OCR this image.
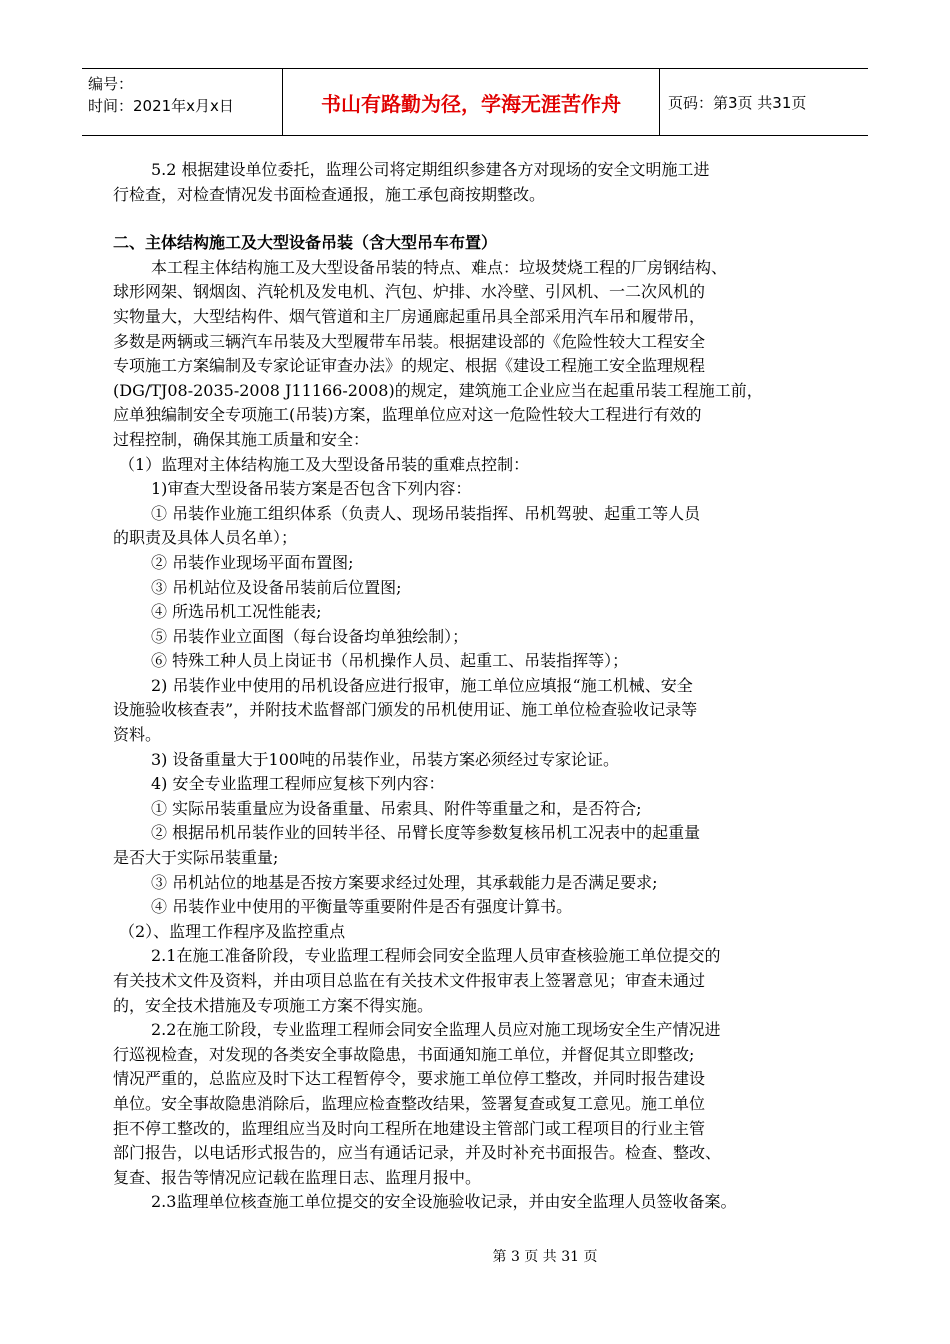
编号：
时间：2021年x月x日	书山有路勤为径，学海无涯苦作舟	页码：第3页 共31页

5.2 根据建设单位委托，监理公司将定期组织参建各方对现场的安全文明施工进

行检查，对检查情况发书面检查通报，施工承包商按期整改。

二、主体结构施工及大型设备吊装（含大型吊车布置）

本工程主体结构施工及大型设备吊装的特点、难点：垃圾焚烧工程的厂房钢结构、

球形网架、钢烟囱、汽轮机及发电机、汽包、炉排、水冷壁、引风机、一二次风机的

实物量大，大型结构件、烟气管道和主厂房通廊起重吊具全部采用汽车吊和履带吊，

多数是两辆或三辆汽车吊装及大型履带车吊装。根据建设部的《危险性较大工程安全

专项施工方案编制及专家论证审查办法》的规定、根据《建设工程施工安全监理规程

(DG/TJ08-2035-2008 J11166-2008)的规定，建筑施工企业应当在起重吊装工程施工前，

应单独编制安全专项施工(吊装)方案，监理单位应对这一危险性较大工程进行有效的

过程控制，确保其施工质量和安全：

（1）监理对主体结构施工及大型设备吊装的重难点控制：

1)审查大型设备吊装方案是否包含下列内容：

① 吊装作业施工组织体系（负责人、现场吊装指挥、吊机驾驶、起重工等人员

的职责及具体人员名单）；

② 吊装作业现场平面布置图;

③ 吊机站位及设备吊装前后位置图;

④ 所选吊机工况性能表;

⑤ 吊装作业立面图（每台设备均单独绘制）；

⑥ 特殊工种人员上岗证书（吊机操作人员、起重工、吊装指挥等）；

2) 吊装作业中使用的吊机设备应进行报审，施工单位应填报“施工机械、安全

设施验收核查表”，并附技术监督部门颁发的吊机使用证、施工单位检查验收记录等

资料。

3) 设备重量大于100吨的吊装作业，吊装方案必须经过专家论证。

4) 安全专业监理工程师应复核下列内容：

① 实际吊装重量应为设备重量、吊索具、附件等重量之和，是否符合;

② 根据吊机吊装作业的回转半径、吊臂长度等参数复核吊机工况表中的起重量

是否大于实际吊装重量;

③ 吊机站位的地基是否按方案要求经过处理，其承载能力是否满足要求;

④ 吊装作业中使用的平衡量等重要附件是否有强度计算书。

（2）、监理工作程序及监控重点

2.1在施工准备阶段，专业监理工程师会同安全监理人员审查核验施工单位提交的

有关技术文件及资料，并由项目总监在有关技术文件报审表上签署意见；审查未通过

的，安全技术措施及专项施工方案不得实施。

2.2在施工阶段，专业监理工程师会同安全监理人员应对施工现场安全生产情况进

行巡视检查，对发现的各类安全事故隐患，书面通知施工单位，并督促其立即整改;

情况严重的，总监应及时下达工程暂停令，要求施工单位停工整改，并同时报告建设

单位。安全事故隐患消除后，监理应检查整改结果，签署复查或复工意见。施工单位

拒不停工整改的，监理组应当及时向工程所在地建设主管部门或工程项目的行业主管

部门报告，以电话形式报告的，应当有通话记录，并及时补充书面报告。检查、整改、

复查、报告等情况应记载在监理日志、监理月报中。

2.3监理单位核查施工单位提交的安全设施验收记录，并由安全监理人员签收备案。

第 3 页 共 31 页
